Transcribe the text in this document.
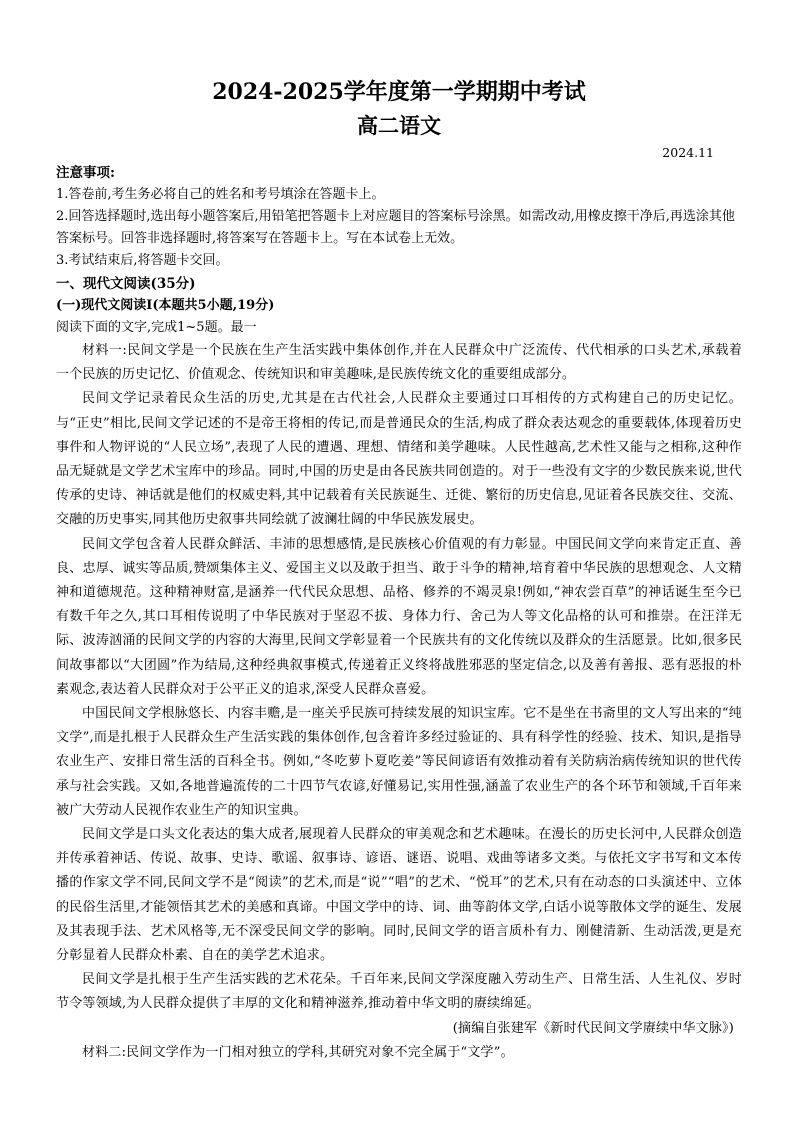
2024-2025学年度第一学期期中考试
高二语文
2024.11
注意事项:

1.答卷前,考生务必将自己的姓名和考号填涂在答题卡上。

2.回答选择题时,选出每小题答案后,用铅笔把答题卡上对应题目的答案标号涂黑。如需改动,用橡皮擦干净后,再选涂其他答案标号。回答非选择题时,将答案写在答题卡上。写在本试卷上无效。

3.考试结束后,将答题卡交回。

一、现代文阅读(35分)
(一)现代文阅读Ⅰ(本题共5小题,19分)
阅读下面的文字,完成1~5题。最一

材料一:民间文学是一个民族在生产生活实践中集体创作,并在人民群众中广泛流传、代代相承的口头艺术,承载着一个民族的历史记忆、价值观念、传统知识和审美趣味,是民族传统文化的重要组成部分。

民间文学记录着民众生活的历史,尤其是在古代社会,人民群众主要通过口耳相传的方式构建自己的历史记忆。与“正史”相比,民间文学记述的不是帝王将相的传记,而是普通民众的生活,构成了群众表达观念的重要载体,体现着历史事件和人物评说的“人民立场”,表现了人民的遭遇、理想、情绪和美学趣味。人民性越高,艺术性又能与之相称,这种作品无疑就是文学艺术宝库中的珍品。同时,中国的历史是由各民族共同创造的。对于一些没有文字的少数民族来说,世代传承的史诗、神话就是他们的权威史料,其中记载着有关民族诞生、迁徙、繁衍的历史信息,见证着各民族交往、交流、交融的历史事实,同其他历史叙事共同绘就了波澜壮阔的中华民族发展史。

民间文学包含着人民群众鲜活、丰沛的思想感情,是民族核心价值观的有力彰显。中国民间文学向来肯定正直、善良、忠厚、诚实等品质,赞颂集体主义、爱国主义以及敢于担当、敢于斗争的精神,培育着中华民族的思想观念、人文精神和道德规范。这种精神财富,是涵养一代代民众思想、品格、修养的不竭灵泉!例如,“神农尝百草”的神话诞生至今已有数千年之久,其口耳相传说明了中华民族对于坚忍不拔、身体力行、舍己为人等文化品格的认可和推崇。在汪洋无际、波涛汹涌的民间文学的内容的大海里,民间文学彰显着一个民族共有的文化传统以及群众的生活愿景。比如,很多民间故事都以“大团圆”作为结局,这种经典叙事模式,传递着正义终将战胜邪恶的坚定信念,以及善有善报、恶有恶报的朴素观念,表达着人民群众对于公平正义的追求,深受人民群众喜爱。

中国民间文学根脉悠长、内容丰赡,是一座关乎民族可持续发展的知识宝库。它不是坐在书斋里的文人写出来的“纯文学”,而是扎根于人民群众生产生活实践的集体创作,包含着许多经过验证的、具有科学性的经验、技术、知识,是指导农业生产、安排日常生活的百科全书。例如,“冬吃萝卜夏吃姜”等民间谚语有效推动着有关防病治病传统知识的世代传承与社会实践。又如,各地普遍流传的二十四节气农谚,好懂易记,实用性强,涵盖了农业生产的各个环节和领域,千百年来被广大劳动人民视作农业生产的知识宝典。

民间文学是口头文化表达的集大成者,展现着人民群众的审美观念和艺术趣味。在漫长的历史长河中,人民群众创造并传承着神话、传说、故事、史诗、歌谣、叙事诗、谚语、谜语、说唱、戏曲等诸多文类。与依托文字书写和文本传播的作家文学不同,民间文学不是“阅读”的艺术,而是“说”“唱”的艺术、“悦耳”的艺术,只有在动态的口头演述中、立体的民俗生活里,才能领悟其艺术的美感和真谛。中国文学中的诗、词、曲等韵体文学,白话小说等散体文学的诞生、发展及其表现手法、艺术风格等,无不深受民间文学的影响。同时,民间文学的语言质朴有力、刚健清新、生动活泼,更是充分彰显着人民群众朴素、自在的美学艺术追求。

民间文学是扎根于生产生活实践的艺术花朵。千百年来,民间文学深度融入劳动生产、日常生活、人生礼仪、岁时节令等领域,为人民群众提供了丰厚的文化和精神滋养,推动着中华文明的赓续绵延。

(摘编自张建军《新时代民间文学赓续中华文脉》)

材料二:民间文学作为一门相对独立的学科,其研究对象不完全属于“文学”。
